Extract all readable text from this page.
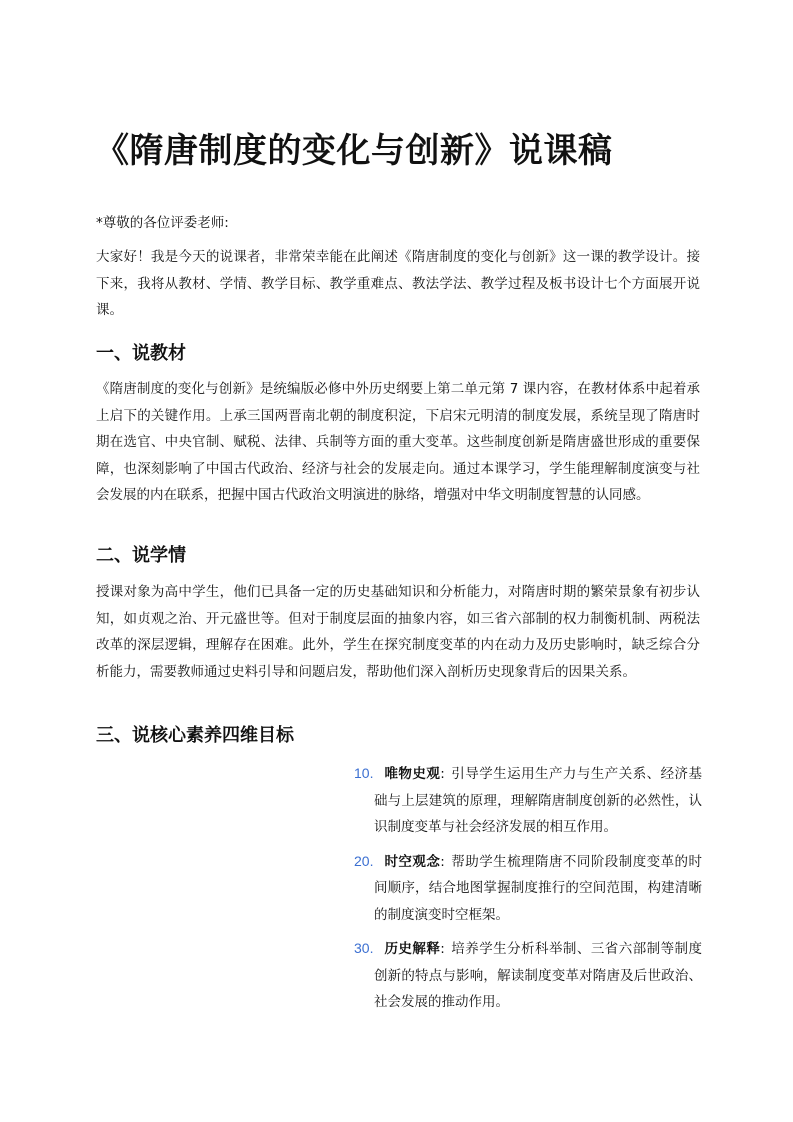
《隋唐制度的变化与创新》说课稿

*尊敬的各位评委老师:

大家好！我是今天的说课者，非常荣幸能在此阐述《隋唐制度的变化与创新》这一课的教学设计。接下来，我将从教材、学情、教学目标、教学重难点、教法学法、教学过程及板书设计七个方面展开说课。

一、说教材

《隋唐制度的变化与创新》是统编版必修中外历史纲要上第二单元第 7 课内容，在教材体系中起着承上启下的关键作用。上承三国两晋南北朝的制度积淀，下启宋元明清的制度发展，系统呈现了隋唐时期在选官、中央官制、赋税、法律、兵制等方面的重大变革。这些制度创新是隋唐盛世形成的重要保障，也深刻影响了中国古代政治、经济与社会的发展走向。通过本课学习，学生能理解制度演变与社会发展的内在联系，把握中国古代政治文明演进的脉络，增强对中华文明制度智慧的认同感。

二、说学情

授课对象为高中学生，他们已具备一定的历史基础知识和分析能力，对隋唐时期的繁荣景象有初步认知，如贞观之治、开元盛世等。但对于制度层面的抽象内容，如三省六部制的权力制衡机制、两税法改革的深层逻辑，理解存在困难。此外，学生在探究制度变革的内在动力及历史影响时，缺乏综合分析能力，需要教师通过史料引导和问题启发，帮助他们深入剖析历史现象背后的因果关系。

三、说核心素养四维目标
10. 唯物史观: 引导学生运用生产力与生产关系、经济基础与上层建筑的原理，理解隋唐制度创新的必然性，认识制度变革与社会经济发展的相互作用。
20. 时空观念: 帮助学生梳理隋唐不同阶段制度变革的时间顺序，结合地图掌握制度推行的空间范围，构建清晰的制度演变时空框架。
30. 历史解释: 培养学生分析科举制、三省六部制等制度创新的特点与影响，解读制度变革对隋唐及后世政治、社会发展的推动作用。
